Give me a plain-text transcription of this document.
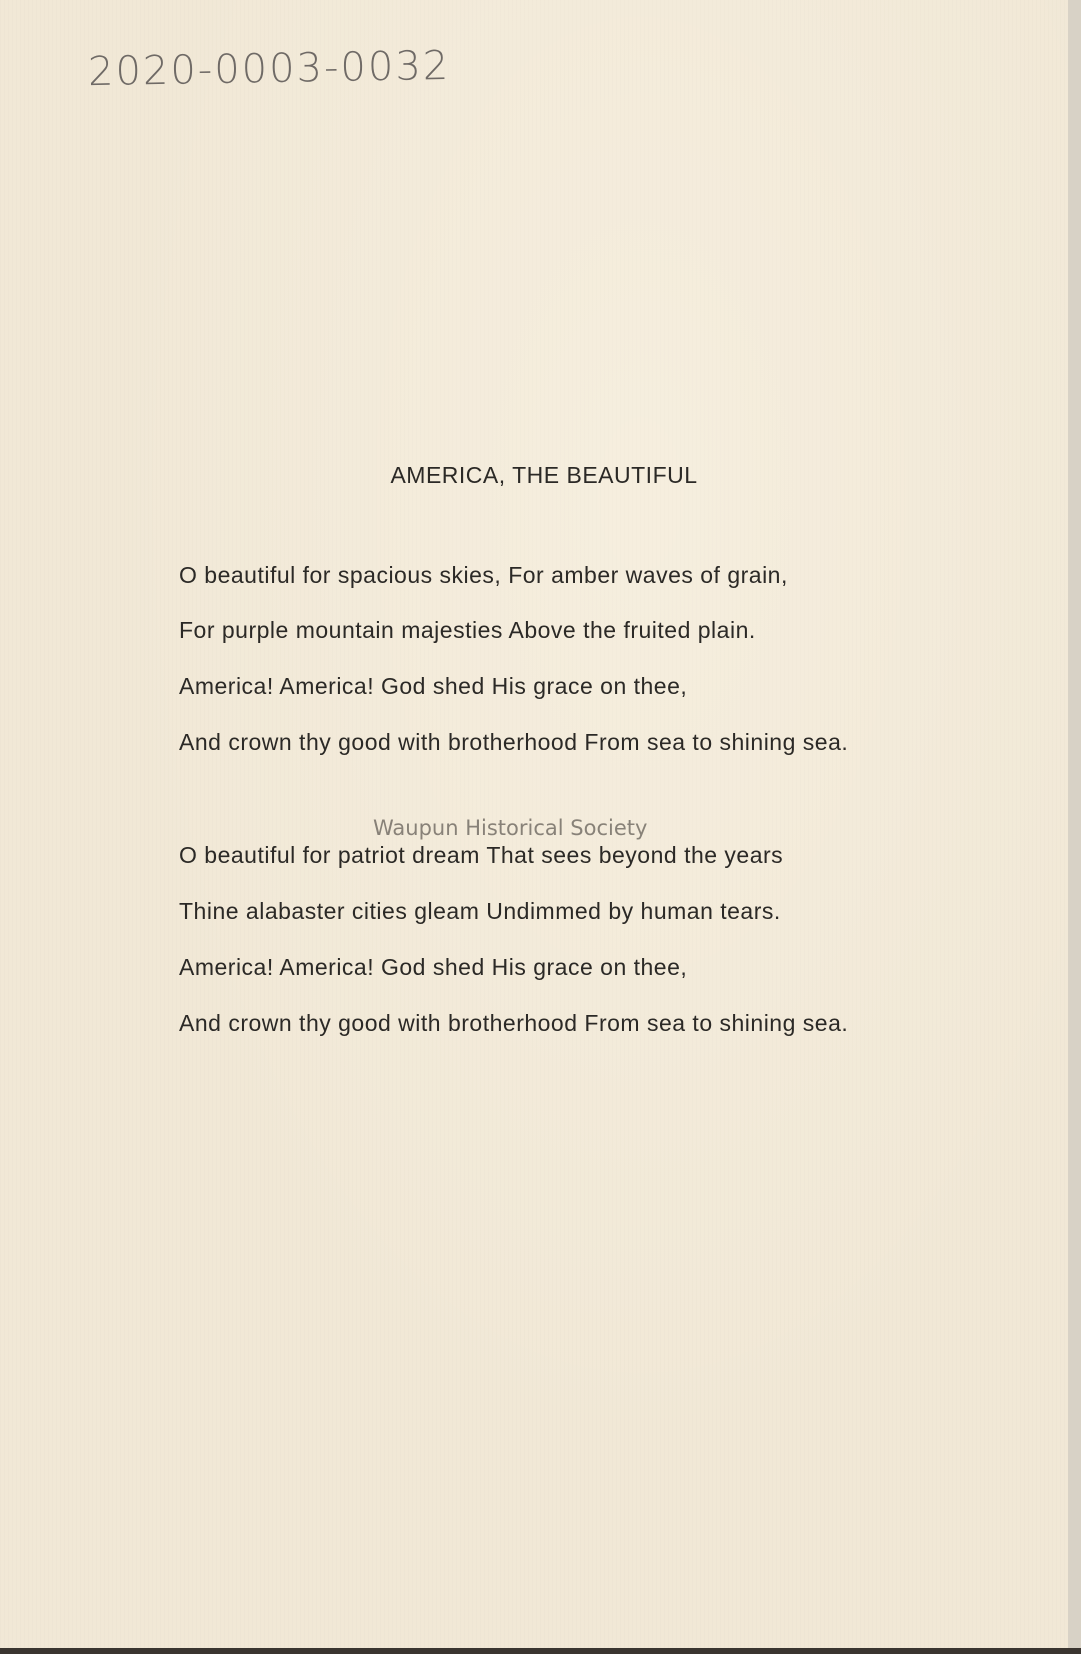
2020-0003-0032
AMERICA, THE BEAUTIFUL
O beautiful for spacious skies, For amber waves of grain,
For purple mountain majesties Above the fruited plain.
America! America! God shed His grace on thee,
And crown thy good with brotherhood From sea to shining sea.
O beautiful for patriot dream That sees beyond the years
Thine alabaster cities gleam Undimmed by human tears.
America! America! God shed His grace on thee,
And crown thy good with brotherhood From sea to shining sea.
Waupun Historical Society
